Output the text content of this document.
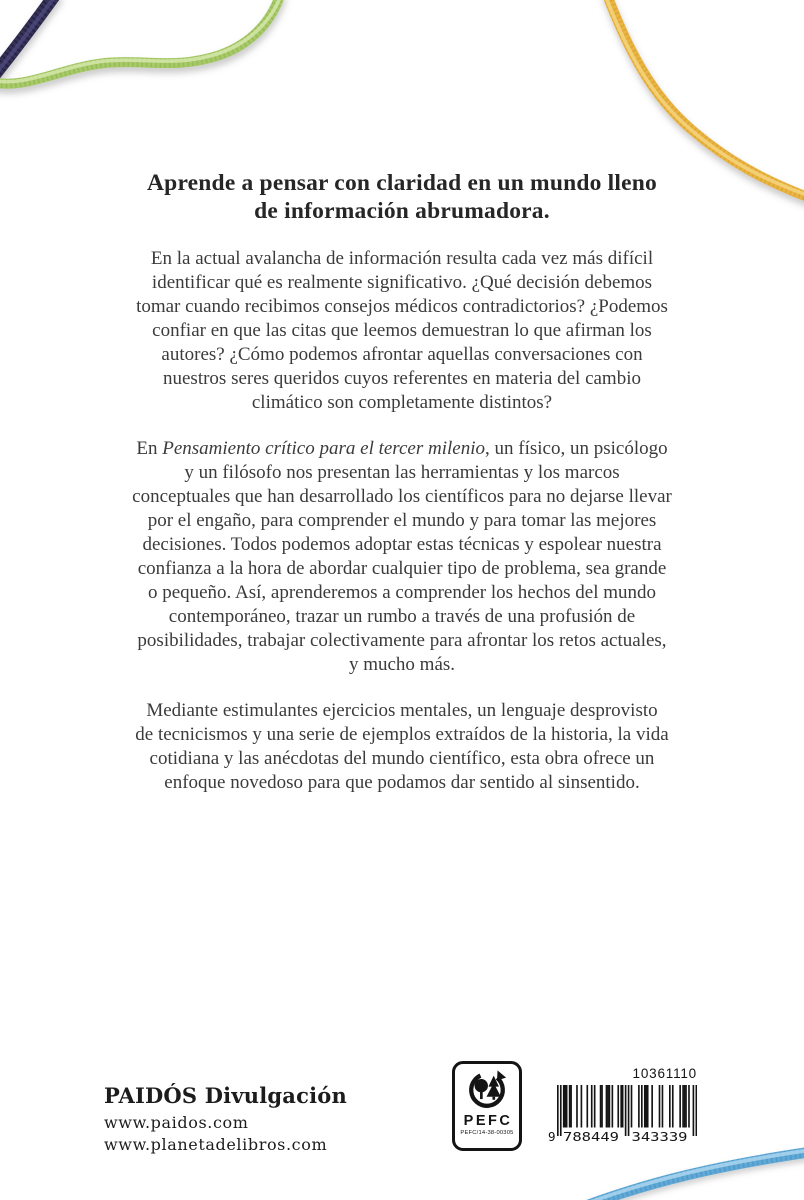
Aprende a pensar con claridad en un mundo lleno
de información abrumadora.
En la actual avalancha de información resulta cada vez más difícil
identificar qué es realmente significativo. ¿Qué decisión debemos
tomar cuando recibimos consejos médicos contradictorios? ¿Podemos
confiar en que las citas que leemos demuestran lo que afirman los
autores? ¿Cómo podemos afrontar aquellas conversaciones con
nuestros seres queridos cuyos referentes en materia del cambio
climático son completamente distintos?
En Pensamiento crítico para el tercer milenio, un físico, un psicólogo
y un filósofo nos presentan las herramientas y los marcos
conceptuales que han desarrollado los científicos para no dejarse llevar
por el engaño, para comprender el mundo y para tomar las mejores
decisiones. Todos podemos adoptar estas técnicas y espolear nuestra
confianza a la hora de abordar cualquier tipo de problema, sea grande
o pequeño. Así, aprenderemos a comprender los hechos del mundo
contemporáneo, trazar un rumbo a través de una profusión de
posibilidades, trabajar colectivamente para afrontar los retos actuales,
y mucho más.
Mediante estimulantes ejercicios mentales, un lenguaje desprovisto
de tecnicismos y una serie de ejemplos extraídos de la historia, la vida
cotidiana y las anécdotas del mundo científico, esta obra ofrece un
enfoque novedoso para que podamos dar sentido al sinsentido.
PAIDÓS Divulgación
www.paidos.com
www.planetadelibros.com
PEFC
PEFC/14-38-00305
10361110
9 788449 343339
